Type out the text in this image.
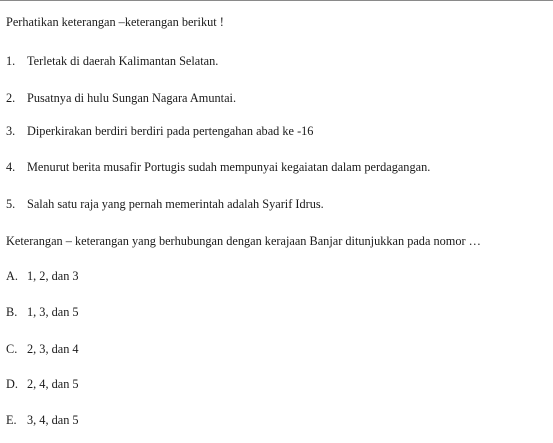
Perhatikan keterangan –keterangan berikut !
1. Terletak di daerah Kalimantan Selatan.
2. Pusatnya di hulu Sungan Nagara Amuntai.
3. Diperkirakan berdiri berdiri pada pertengahan abad ke -16
4. Menurut berita musafir Portugis sudah mempunyai kegaiatan dalam perdagangan.
5. Salah satu raja yang pernah memerintah adalah Syarif Idrus.
Keterangan – keterangan yang berhubungan dengan kerajaan Banjar ditunjukkan pada nomor …
A. 1, 2, dan 3
B. 1, 3, dan 5
C. 2, 3, dan 4
D. 2, 4, dan 5
E. 3, 4, dan 5
